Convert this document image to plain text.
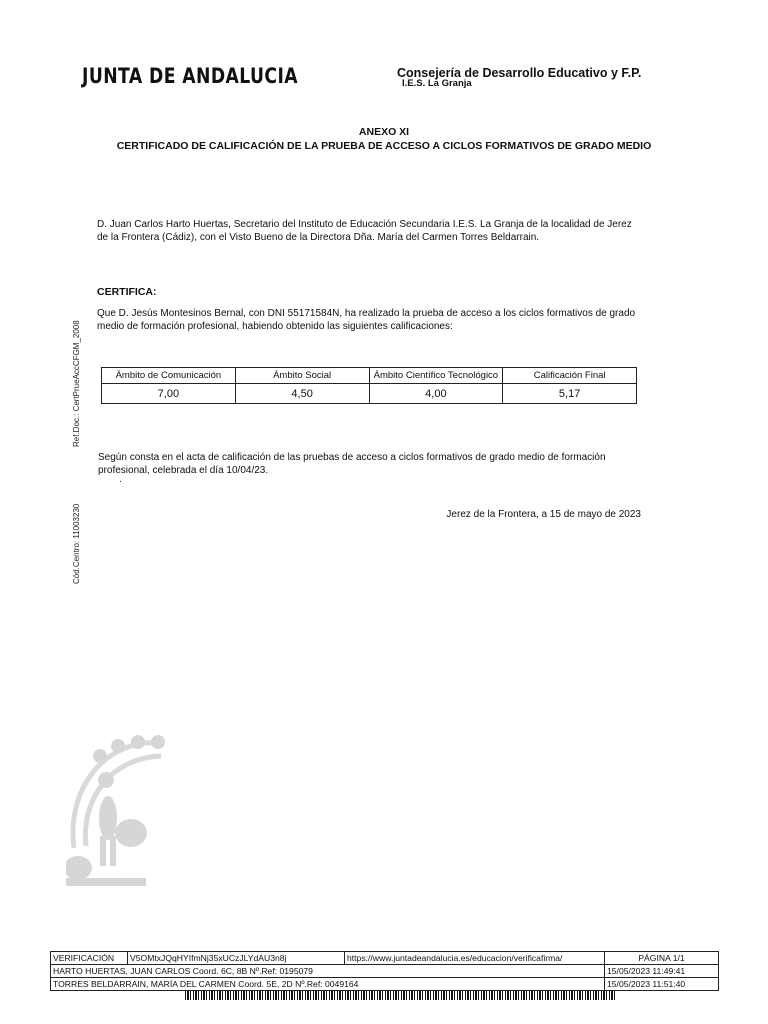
JUNTA DE ANDALUCIA	Consejería de Desarrollo Educativo y F.P.
I.E.S. La Granja
ANEXO XI
CERTIFICADO DE CALIFICACIÓN DE LA PRUEBA DE ACCESO A CICLOS FORMATIVOS DE GRADO MEDIO
D. Juan Carlos Harto Huertas, Secretario del Instituto de Educación Secundaria I.E.S. La Granja de la localidad de Jerez de la Frontera (Cádiz), con el Visto Bueno de la Directora Dña. María del Carmen Torres Beldarrain.
CERTIFICA:
Que D. Jesús Montesinos Bernal, con DNI 55171584N, ha realizado la prueba de acceso a los ciclos formativos de grado medio de formación profesional, habiendo obtenido las siguientes calificaciones:
Ámbito de Comunicación	Ámbito Social	Ámbito Científico Tecnológico	Calificación Final
7,00	4,50	4,00	5,17
Según consta en el acta de calificación de las pruebas de acceso a ciclos formativos de grado medio de formación profesional, celebrada el día 10/04/23.
.
Jerez de la Frontera, a 15 de mayo de 2023
Ref.Doc.: CertPrueAccCFGM_2008
Cód.Centro: 11003230
VERIFICACIÓN	V5OMtxJQqHYIfmNj35xUCzJLYdAU3n8j	https://www.juntadeandalucia.es/educacion/verificafirma/	PÁGINA 1/1
HARTO HUERTAS, JUAN CARLOS Coord. 6C, 8B Nº.Ref: 0195079			15/05/2023 11:49:41
TORRES BELDARRAIN, MARÍA DEL CARMEN Coord. 5E, 2D Nº.Ref: 0049164			15/05/2023 11:51:40
